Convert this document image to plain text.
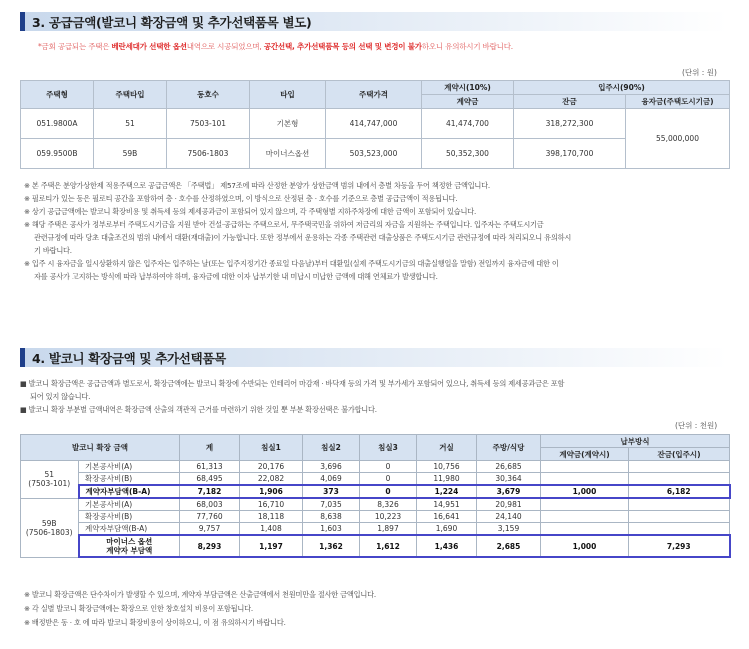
3. 공급금액(발코니 확장금액 및 추가선택품목 별도)
*금회 공급되는 주택은 베란세대가 선택한 옵션내역으로 시공되었으며, 공간선택, 추가선택품목 등의 선택 및 변경이 불가하오니 유의하시기 바랍니다.
(단위 : 원)
주택형	주택타입	동호수	타입	주택가격	계약시(10%)	입주시(90%)	
					계약금	잔금	융자금(주택도시기금)
051.9800A	51	7503-101	기본형	414,747,000	41,474,700	318,272,300	55,000,000
059.9500B	59B	7506-1803	마이너스옵션	503,523,000	50,352,300	398,170,700	
※ 본 주택은 분양가상한제 적용주택으로 공급금액은 「주택법」 제57조에 따라 산정한 분양가 상한금액 범위 내에서 층별 차등을 두어 책정한 금액입니다.
※ 필로티가 있는 동은 필로티 공간을 포함하여 층 · 호수를 산정하였으며, 이 방식으로 산정된 층 · 호수를 기준으로 층별 공급금액이 적용됩니다.
※ 상기 공급금액에는 발코니 확장비용 및 취득세 등의 제세공과금이 포함되어 있지 않으며, 각 주택형별 지하주차장에 대한 금액이 포함되어 있습니다.
※ 해당 주택은 공사가 정부로부터 주택도시기금을 지원 받아 건설·공급하는 주택으로서, 무주택국민을 위하여 저금리의 자금을 지원하는 주택입니다. 입주자는 주택도시기금
관련규정에 따라 당초 대출조건의 범위 내에서 대환(재대출)이 가능합니다. 또한 정부에서 운용하는 각종 주택관련 대출상품은 주택도시기금 관련규정에 따라 처리되오니 유의하시
기 바랍니다.
※ 입주 시 융자금을 일시상환하지 않은 입주자는 입주하는 날(또는 입주지정기간 종료일 다음날)부터 대환일(실제 주택도시기금의 대출실행일을 말함) 전일까지 융자금에 대한 이
자를 공사가 고지하는 방식에 따라 납부하여야 하며, 융자금에 대한 이자 납부기한 내 미납시 미납한 금액에 대해 연체료가 발생합니다.
4. 발코니 확장금액 및 추가선택품목
■ 발코니 확장금액은 공급금액과 별도로서, 확장금액에는 발코니 확장에 수반되는 인테리어 마감재 · 바닥재 등의 가격 및 부가세가 포함되어 있으나, 취득세 등의 제세공과금은 포함
되어 있지 않습니다.
■ 발코니 확장 부분별 금액내역은 확장금액 산출의 객관적 근거를 마련하기 위한 것일 뿐 부분 확장선택은 불가합니다.
(단위 : 천원)
발코니 확장 금액		계	침실1	침실2	침실3	거실	주방/식당	납부방식	
								계약금(계약시)	잔금(입주시)

51
(7503-101)	기본공사비(A)	61,313	20,176	3,696	0	10,756	26,685		
	확장공사비(B)	68,495	22,082	4,069	0	11,980	30,364		
	계약자부담액(B-A)	7,182	1,906	373	0	1,224	3,679	1,000	6,182

59B
(7506-1803)	기본공사비(A)	68,003	16,710	7,035	8,326	14,951	20,981		
	확장공사비(B)	77,760	18,118	8,638	10,223	16,641	24,140		
	계약자부담액(B-A)	9,757	1,408	1,603	1,897	1,690	3,159		

	마이너스 옵션
계약자 부담액	8,293	1,197	1,362	1,612	1,436	2,685	1,000	7,293
※ 발코니 확장금액은 단수차이가 발생할 수 있으며, 계약자 부담금액은 산출금액에서 천원미만을 절사한 금액입니다.
※ 각 실별 발코니 확장금액에는 확장으로 인한 창호설치 비용이 포함됩니다.
※ 배정받은 동 · 호 에 따라 발코니 확장비용이 상이하오니, 이 점 유의하시기 바랍니다.
